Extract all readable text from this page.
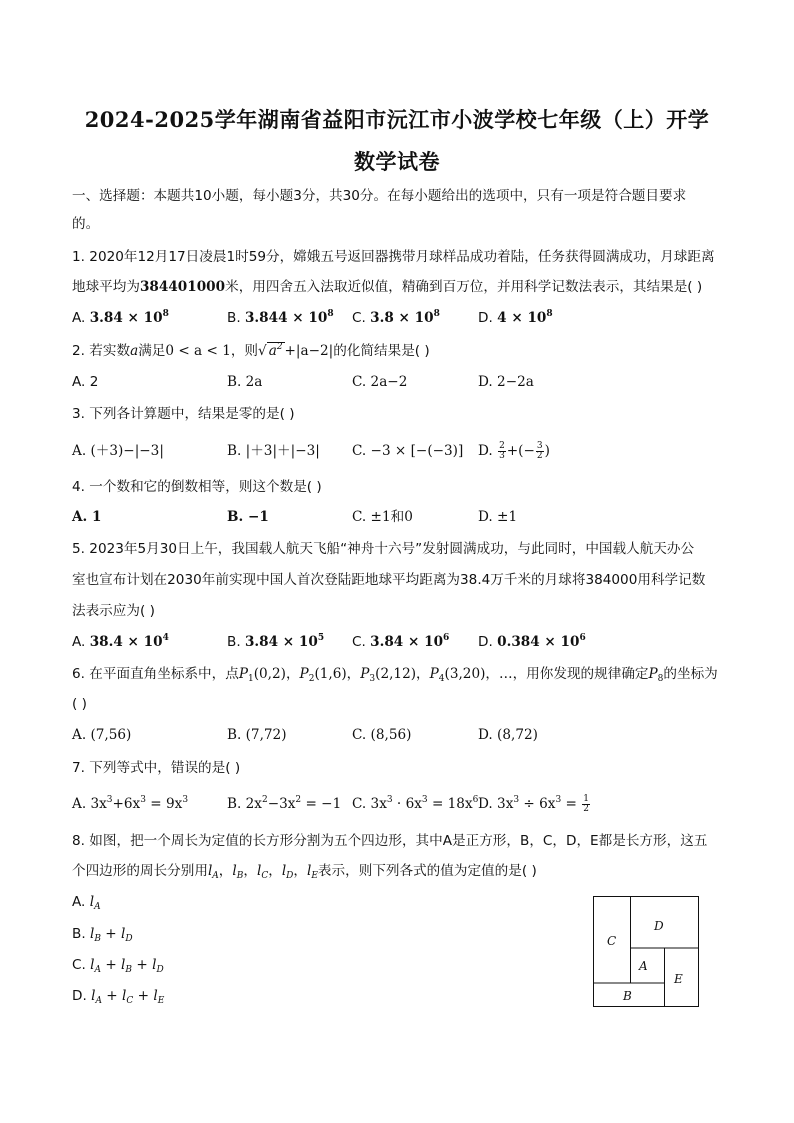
2024-2025学年湖南省益阳市沅江市小波学校七年级（上）开学
数学试卷
一、选择题：本题共10小题，每小题3分，共30分。在每小题给出的选项中，只有一项是符合题目要求
的。
1. 2020年12月17日凌晨1时59分，嫦娥五号返回器携带月球样品成功着陆，任务获得圆满成功，月球距离
地球平均为384401000米，用四舍五入法取近似值，精确到百万位，并用科学记数法表示，其结果是( )
A. $3.84 \times 10^8$	B. $3.844 \times 10^8$ C. $3.8 \times 10^8$	D. $4 \times 10^8$
2. 若实数a满足0 < a < 1，则√ $a^2 +|a-2|$的化简结果是( )
A. 2	B. 2a	C. 2a−2	D. 2−2a
3. 下列各计算题中，结果是零的是( )
A. (＋3)−|−3|	B. |＋3|＋|−3| C. −3 × [−(−3)] D. $\frac{2}{3}$ +(− $\frac{3}{2}$ )
4. 一个数和它的倒数相等，则这个数是( )
A. 1	B. −1	C. ±1和0	D. ±1
5. 2023年5月30日上午，我国载人航天飞船“神舟十六号”发射圆满成功，与此同时，中国载人航天办公
室也宣布计划在2030年前实现中国人首次登陆距地球平均距离为38.4万千米的月球将384000用科学记数
法表示应为( )
A. $38.4 \times 10^4$	B. $3.84 \times 10^5$ C. $3.84 \times 10^6$ D. $0.384 \times 10^6$
6. 在平面直角坐标系中，点$P_1(0,2)$，$P_2(1,6)$，$P_3(2,12)$，$P_4(3,20)$，…，用你发现的规律确定$P_8$的坐标为
( )
A. (7,56)	B. (7,72)	C. (8,56)	D. (8,72)
7. 下列等式中，错误的是( )
A. $3x^3+6x^3 = 9x^3$	B. $2x^2-3x^2 = -1$ C. $3x^3 \cdot 6x^3 = 18x^6$ D. $3x^3 \div 6x^3 = \frac{1}{2}$
8. 如图，把一个周长为定值的长方形分割为五个四边形，其中A是正方形，B，C，D，E都是长方形，这五
个四边形的周长分别用$l_A$，$l_B$，$l_C$，$l_D$，$l_E$表示，则下列各式的值为定值的是( )
A. $l_A$
B. $l_B + l_D$
C. $l_A + l_B + l_D$
D. $l_A + l_C + l_E$
C
D
A
E
B
